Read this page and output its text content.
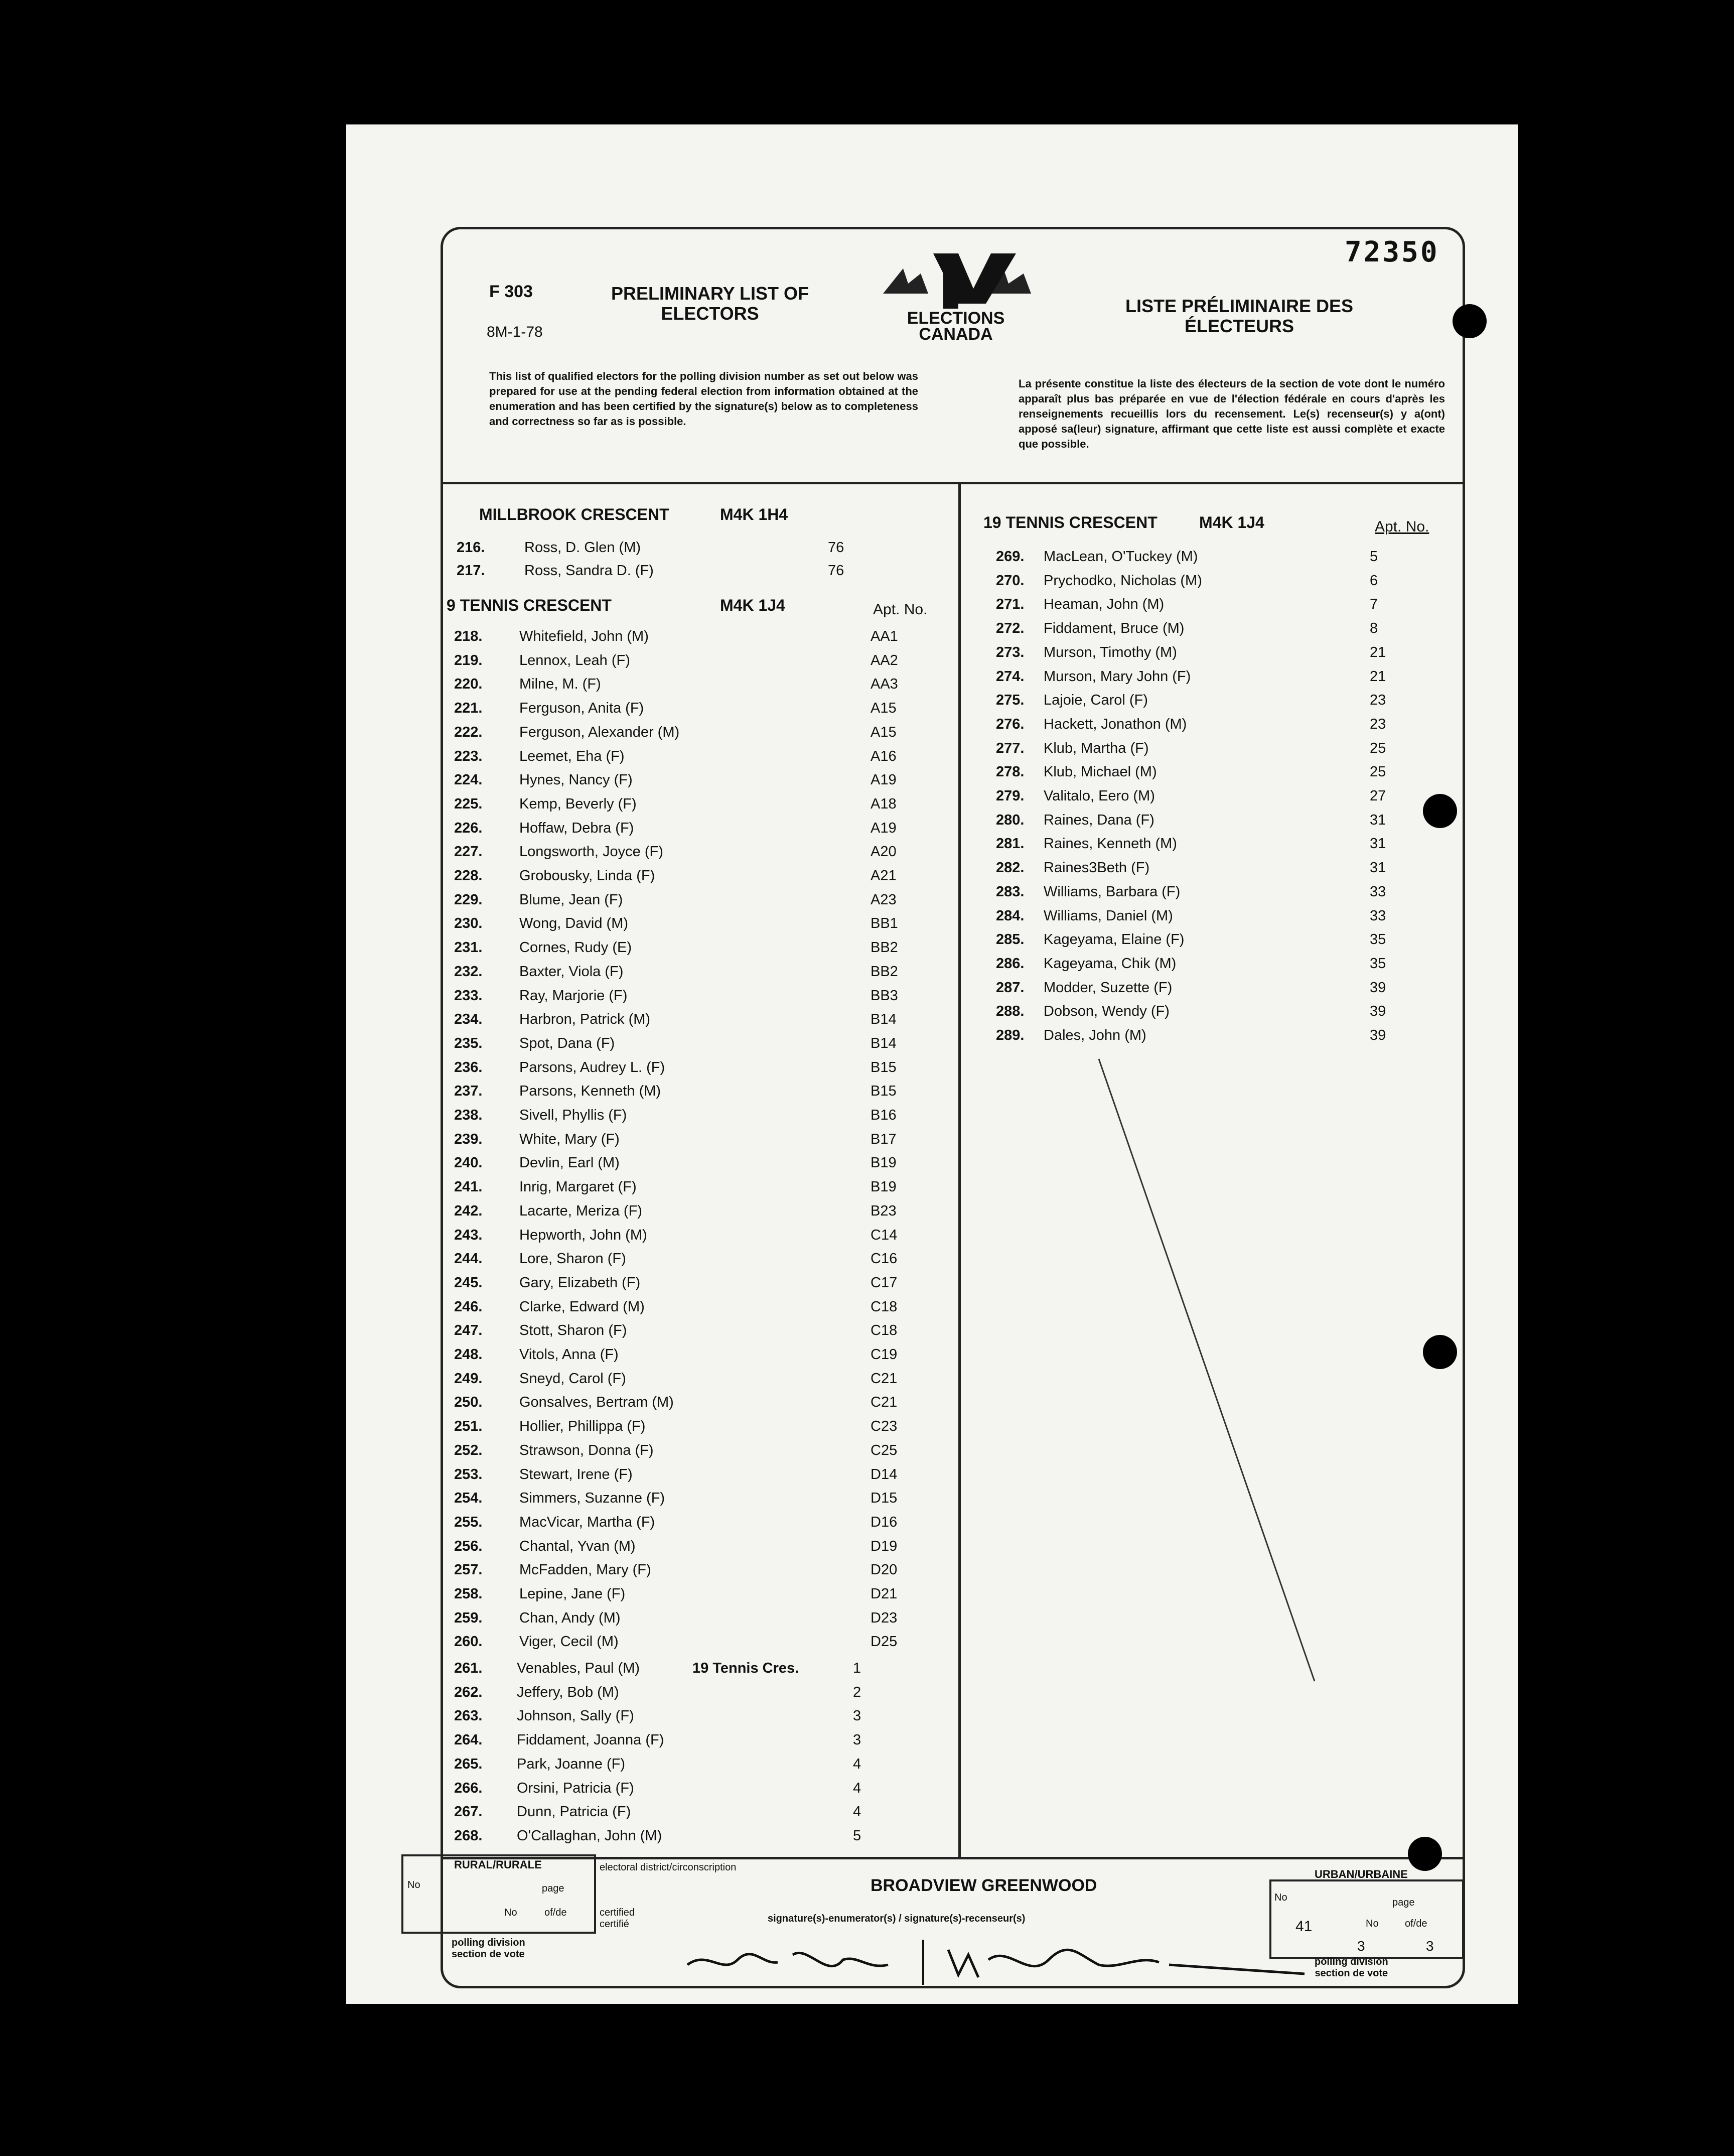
72350
F 303
8M-1-78
PRELIMINARY LIST OF ELECTORS	ELECTIONS
CANADA
LISTE PRÉLIMINAIRE DES ÉLECTEURS
This list of qualified electors for the polling division number as set out below was prepared for use at the pending federal election from information obtained at the enumeration and has been certified by the signature(s) below as to completeness and correctness so far as is possible.
La présente constitue la liste des électeurs de la section de vote dont le numéro apparaît plus bas préparée en vue de l'élection fédérale en cours d'après les renseignements recueillis lors du recensement. Le(s) recenseur(s) y a(ont) apposé sa(leur) signature, affirmant que cette liste est aussi complète et exacte que possible.
MILLBROOK CRESCENT	M4K 1H4
216.	Ross, D. Glen (M)	76
217.	Ross, Sandra D. (F)	76
9 TENNIS CRESCENT	M4K 1J4	Apt. No.
218.	Whitefield, John (M)	AA1
219.	Lennox, Leah (F)	AA2
220.	Milne, M. (F)	AA3
221.	Ferguson, Anita (F)	A15
222.	Ferguson, Alexander (M)	A15
223.	Leemet, Eha (F)	A16
224.	Hynes, Nancy (F)	A19
225.	Kemp, Beverly (F)	A18
226.	Hoffaw, Debra (F)	A19
227.	Longsworth, Joyce (F)	A20
228.	Grobousky, Linda (F)	A21
229.	Blume, Jean (F)	A23
230.	Wong, David (M)	BB1
231.	Cornes, Rudy (E)	BB2
232.	Baxter, Viola (F)	BB2
233.	Ray, Marjorie (F)	BB3
234.	Harbron, Patrick (M)	B14
235.	Spot, Dana (F)	B14
236.	Parsons, Audrey L. (F)	B15
237.	Parsons, Kenneth (M)	B15
238.	Sivell, Phyllis (F)	B16
239.	White, Mary (F)	B17
240.	Devlin, Earl (M)	B19
241.	Inrig, Margaret (F)	B19
242.	Lacarte, Meriza (F)	B23
243.	Hepworth, John (M)	C14
244.	Lore, Sharon (F)	C16
245.	Gary, Elizabeth (F)	C17
246.	Clarke, Edward (M)	C18
247.	Stott, Sharon (F)	C18
248.	Vitols, Anna (F)	C19
249.	Sneyd, Carol (F)	C21
250.	Gonsalves, Bertram (M)	C21
251.	Hollier, Phillippa (F)	C23
252.	Strawson, Donna (F)	C25
253.	Stewart, Irene (F)	D14
254.	Simmers, Suzanne (F)	D15
255.	MacVicar, Martha (F)	D16
256.	Chantal, Yvan (M)	D19
257.	McFadden, Mary (F)	D20
258.	Lepine, Jane (F)	D21
259.	Chan, Andy (M)	D23
260.	Viger, Cecil (M)	D25
261.	Venables, Paul (M)	19 Tennis Cres.	1
262.	Jeffery, Bob (M)	2
263.	Johnson, Sally (F)	3
264.	Fiddament, Joanna (F)	3
265.	Park, Joanne (F)	4
266.	Orsini, Patricia (F)	4
267.	Dunn, Patricia (F)	4
268.	O'Callaghan, John (M)	5
19 TENNIS CRESCENT	M4K 1J4	Apt. No.
269.	MacLean, O'Tuckey (M)	5
270.	Prychodko, Nicholas (M)	6
271.	Heaman, John (M)	7
272.	Fiddament, Bruce (M)	8
273.	Murson, Timothy (M)	21
274.	Murson, Mary John (F)	21
275.	Lajoie, Carol (F)	23
276.	Hackett, Jonathon (M)	23
277.	Klub, Martha (F)	25
278.	Klub, Michael (M)	25
279.	Valitalo, Eero (M)	27
280.	Raines, Dana (F)	31
281.	Raines, Kenneth (M)	31
282.	Raines3Beth (F)	31
283.	Williams, Barbara (F)	33
284.	Williams, Daniel (M)	33
285.	Kageyama, Elaine (F)	35
286.	Kageyama, Chik (M)	35
287.	Modder, Suzette (F)	39
288.	Dobson, Wendy (F)	39
289.	Dales, John (M)	39
RURAL/RURALE
No	page
No	of/de
electoral district/circonscription
BROADVIEW GREENWOOD
certified
certifié	signature(s)-enumerator(s) / signature(s)-recenseur(s)
polling division
section de vote
URBAN/URBAINE
No	page
41	No	of/de
3	3
polling division
section de vote
